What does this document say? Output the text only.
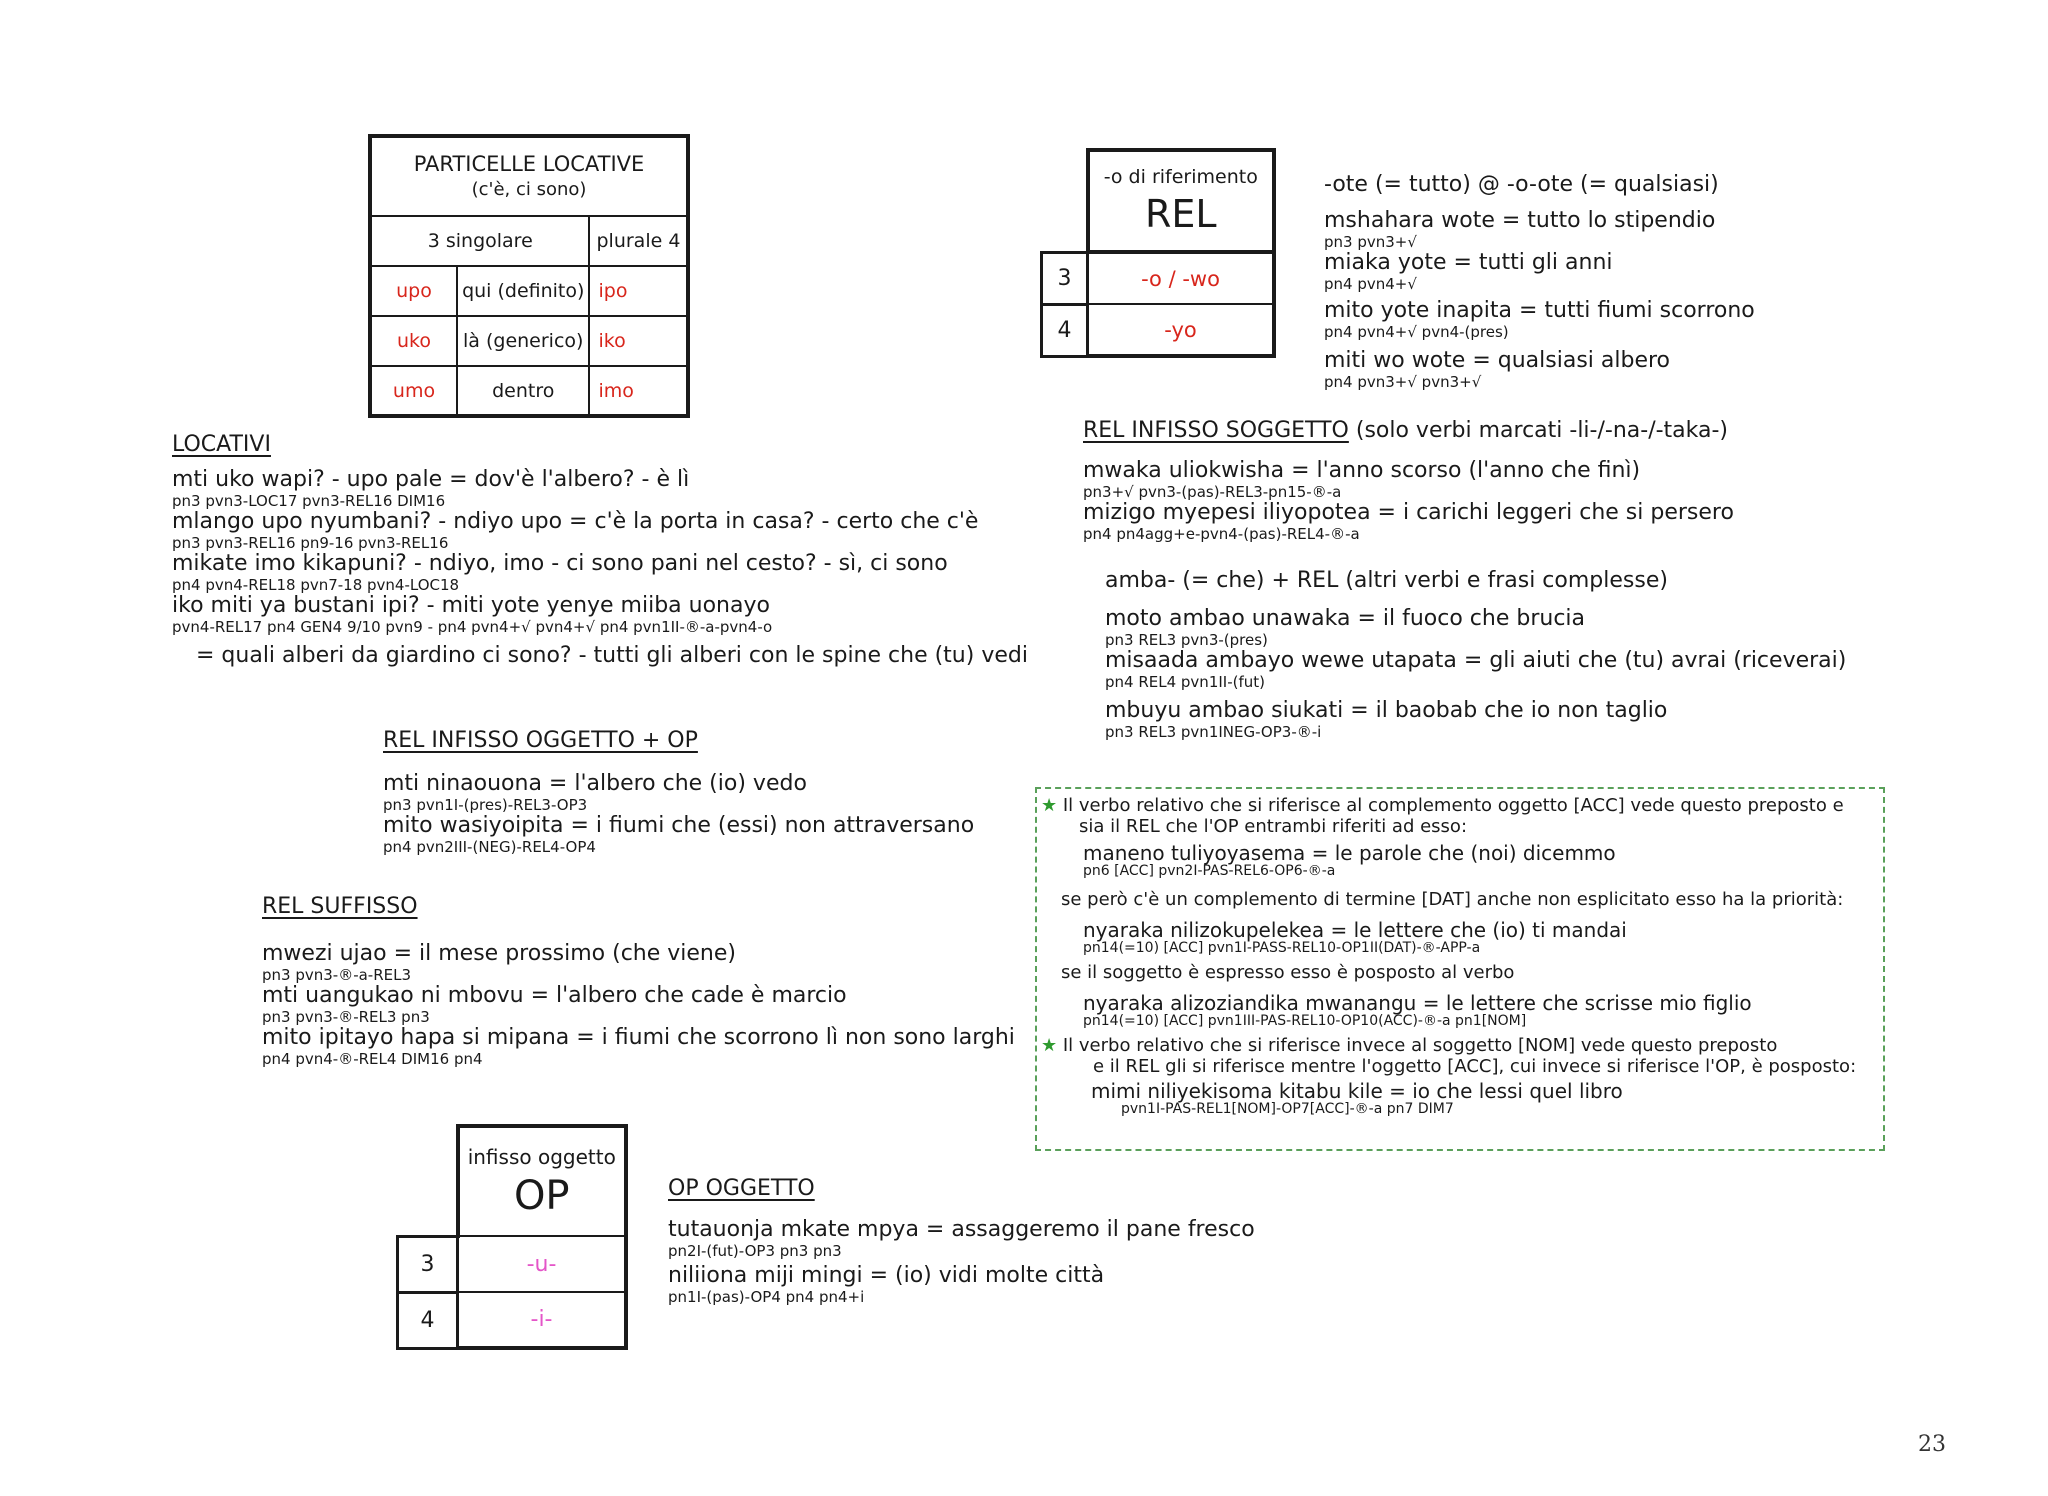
PARTICELLE LOCATIVE
(c'è, ci sono)		

3 singolare		plurale 4
upo	qui (definito)	ipo
uko	là (generico)	iko
umo	dentro	imo
LOCATIVI
mti uko wapi? - upo pale = dov'è l'albero? - è lì
pn3 pvn3-LOC17 pvn3-REL16 DIM16
mlango upo nyumbani? - ndiyo upo = c'è la porta in casa? - certo che c'è
pn3 pvn3-REL16 pn9-16 pvn3-REL16
mikate imo kikapuni? - ndiyo, imo - ci sono pani nel cesto? - sì, ci sono
pn4 pvn4-REL18 pvn7-18 pvn4-LOC18
iko miti ya bustani ipi? - miti yote yenye miiba uonayo
pvn4-REL17 pn4 GEN4 9/10 pvn9 - pn4 pvn4+√ pvn4+√ pn4 pvn1II-®-a-pvn4-o
= quali alberi da giardino ci sono? - tutti gli alberi con le spine che (tu) vedi
REL INFISSO OGGETTO + OP
mti ninaouona = l'albero che (io) vedo
pn3 pvn1I-(pres)-REL3-OP3
mito wasiyoipita = i fiumi che (essi) non attraversano
pn4 pvn2III-(NEG)-REL4-OP4
REL SUFFISSO
mwezi ujao = il mese prossimo (che viene)
pn3 pvn3-®-a-REL3
mti uangukao ni mbovu = l'albero che cade è marcio
pn3 pvn3-®-REL3 pn3
mito ipitayo hapa si mipana = i fiumi che scorrono lì non sono larghi
pn4 pvn4-®-REL4 DIM16 pn4

	infisso oggetto
OP

3	-u-
4	-i-
OP OGGETTO
tutauonja mkate mpya = assaggeremo il pane fresco
pn2I-(fut)-OP3 pn3 pn3
niliiona miji mingi = (io) vidi molte città
pn1I-(pas)-OP4 pn4 pn4+i

	-o di riferimento
REL

3	-o / -wo
4	-yo
-ote (= tutto) @ -o-ote (= qualsiasi)
mshahara wote = tutto lo stipendio
pn3 pvn3+√
miaka yote = tutti gli anni
pn4 pvn4+√
mito yote inapita = tutti fiumi scorrono
pn4 pvn4+√ pvn4-(pres)
miti wo wote = qualsiasi albero
pn4 pvn3+√ pvn3+√
REL INFISSO SOGGETTO (solo verbi marcati -li-/-na-/-taka-)
mwaka uliokwisha = l'anno scorso (l'anno che finì)
pn3+√ pvn3-(pas)-REL3-pn15-®-a
mizigo myepesi iliyopotea = i carichi leggeri che si persero
pn4 pn4agg+e-pvn4-(pas)-REL4-®-a
amba- (= che) + REL (altri verbi e frasi complesse)
moto ambao unawaka = il fuoco che brucia
pn3 REL3 pvn3-(pres)
misaada ambayo wewe utapata = gli aiuti che (tu) avrai (riceverai)
pn4 REL4 pvn1II-(fut)
mbuyu ambao siukati = il baobab che io non taglio
pn3 REL3 pvn1INEG-OP3-®-i
★ Il verbo relativo che si riferisce al complemento oggetto [ACC] vede questo preposto e
sia il REL che l'OP entrambi riferiti ad esso:
maneno tuliyoyasema = le parole che (noi) dicemmo
pn6 [ACC] pvn2I-PAS-REL6-OP6-®-a
se però c'è un complemento di termine [DAT] anche non esplicitato esso ha la priorità:
nyaraka nilizokupelekea = le lettere che (io) ti mandai
pn14(=10) [ACC] pvn1I-PASS-REL10-OP1II(DAT)-®-APP-a
se il soggetto è espresso esso è posposto al verbo
nyaraka alizoziandika mwanangu = le lettere che scrisse mio figlio
pn14(=10) [ACC] pvn1III-PAS-REL10-OP10(ACC)-®-a pn1[NOM]
★ Il verbo relativo che si riferisce invece al soggetto [NOM] vede questo preposto
e il REL gli si riferisce mentre l'oggetto [ACC], cui invece si riferisce l'OP, è posposto:
mimi niliyekisoma kitabu kile = io che lessi quel libro
pvn1I-PAS-REL1[NOM]-OP7[ACC]-®-a pn7 DIM7
23
